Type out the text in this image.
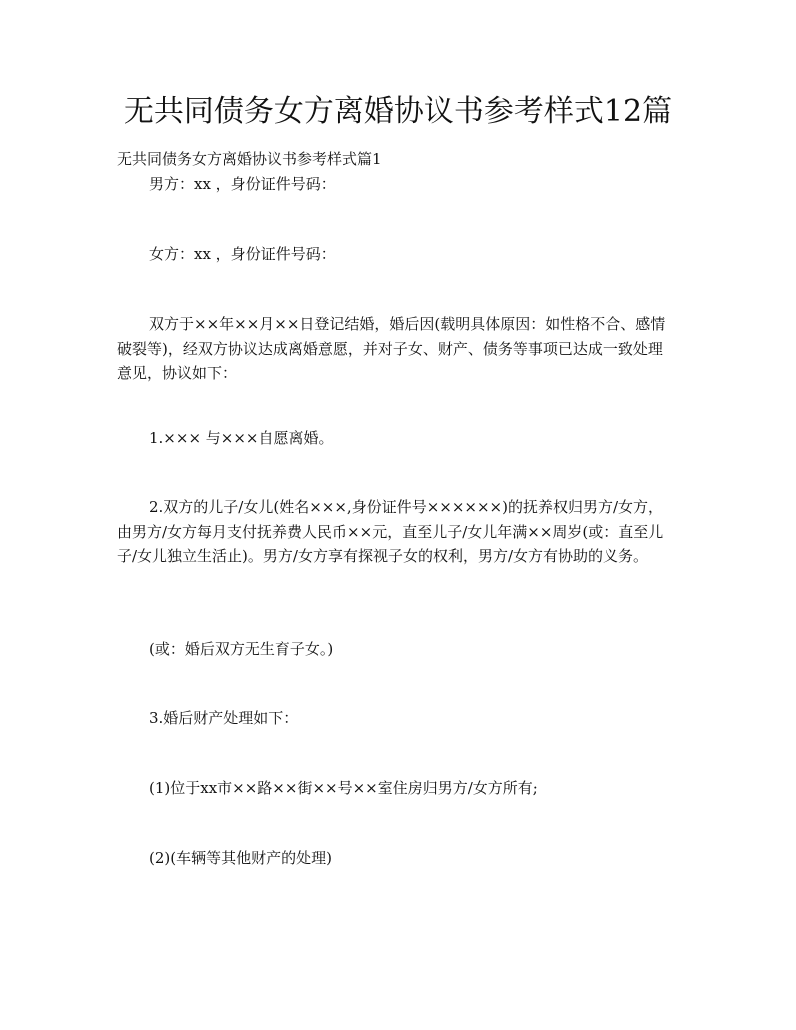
无共同债务女方离婚协议书参考样式12篇

无共同债务女方离婚协议书参考样式篇1

男方：xx ，身份证件号码：

女方：xx ，身份证件号码：

双方于××年××月××日登记结婚，婚后因(载明具体原因：如性格不合、感情破裂等)，经双方协议达成离婚意愿，并对子女、财产、债务等事项已达成一致处理意见，协议如下：

1.××× 与×××自愿离婚。

2.双方的儿子/女儿(姓名×××,身份证件号××××××)的抚养权归男方/女方，由男方/女方每月支付抚养费人民币××元，直至儿子/女儿年满××周岁(或：直至儿子/女儿独立生活止)。男方/女方享有探视子女的权利，男方/女方有协助的义务。

(或：婚后双方无生育子女。)

3.婚后财产处理如下：

(1)位于xx市××路××街××号××室住房归男方/女方所有;

(2)(车辆等其他财产的处理)
